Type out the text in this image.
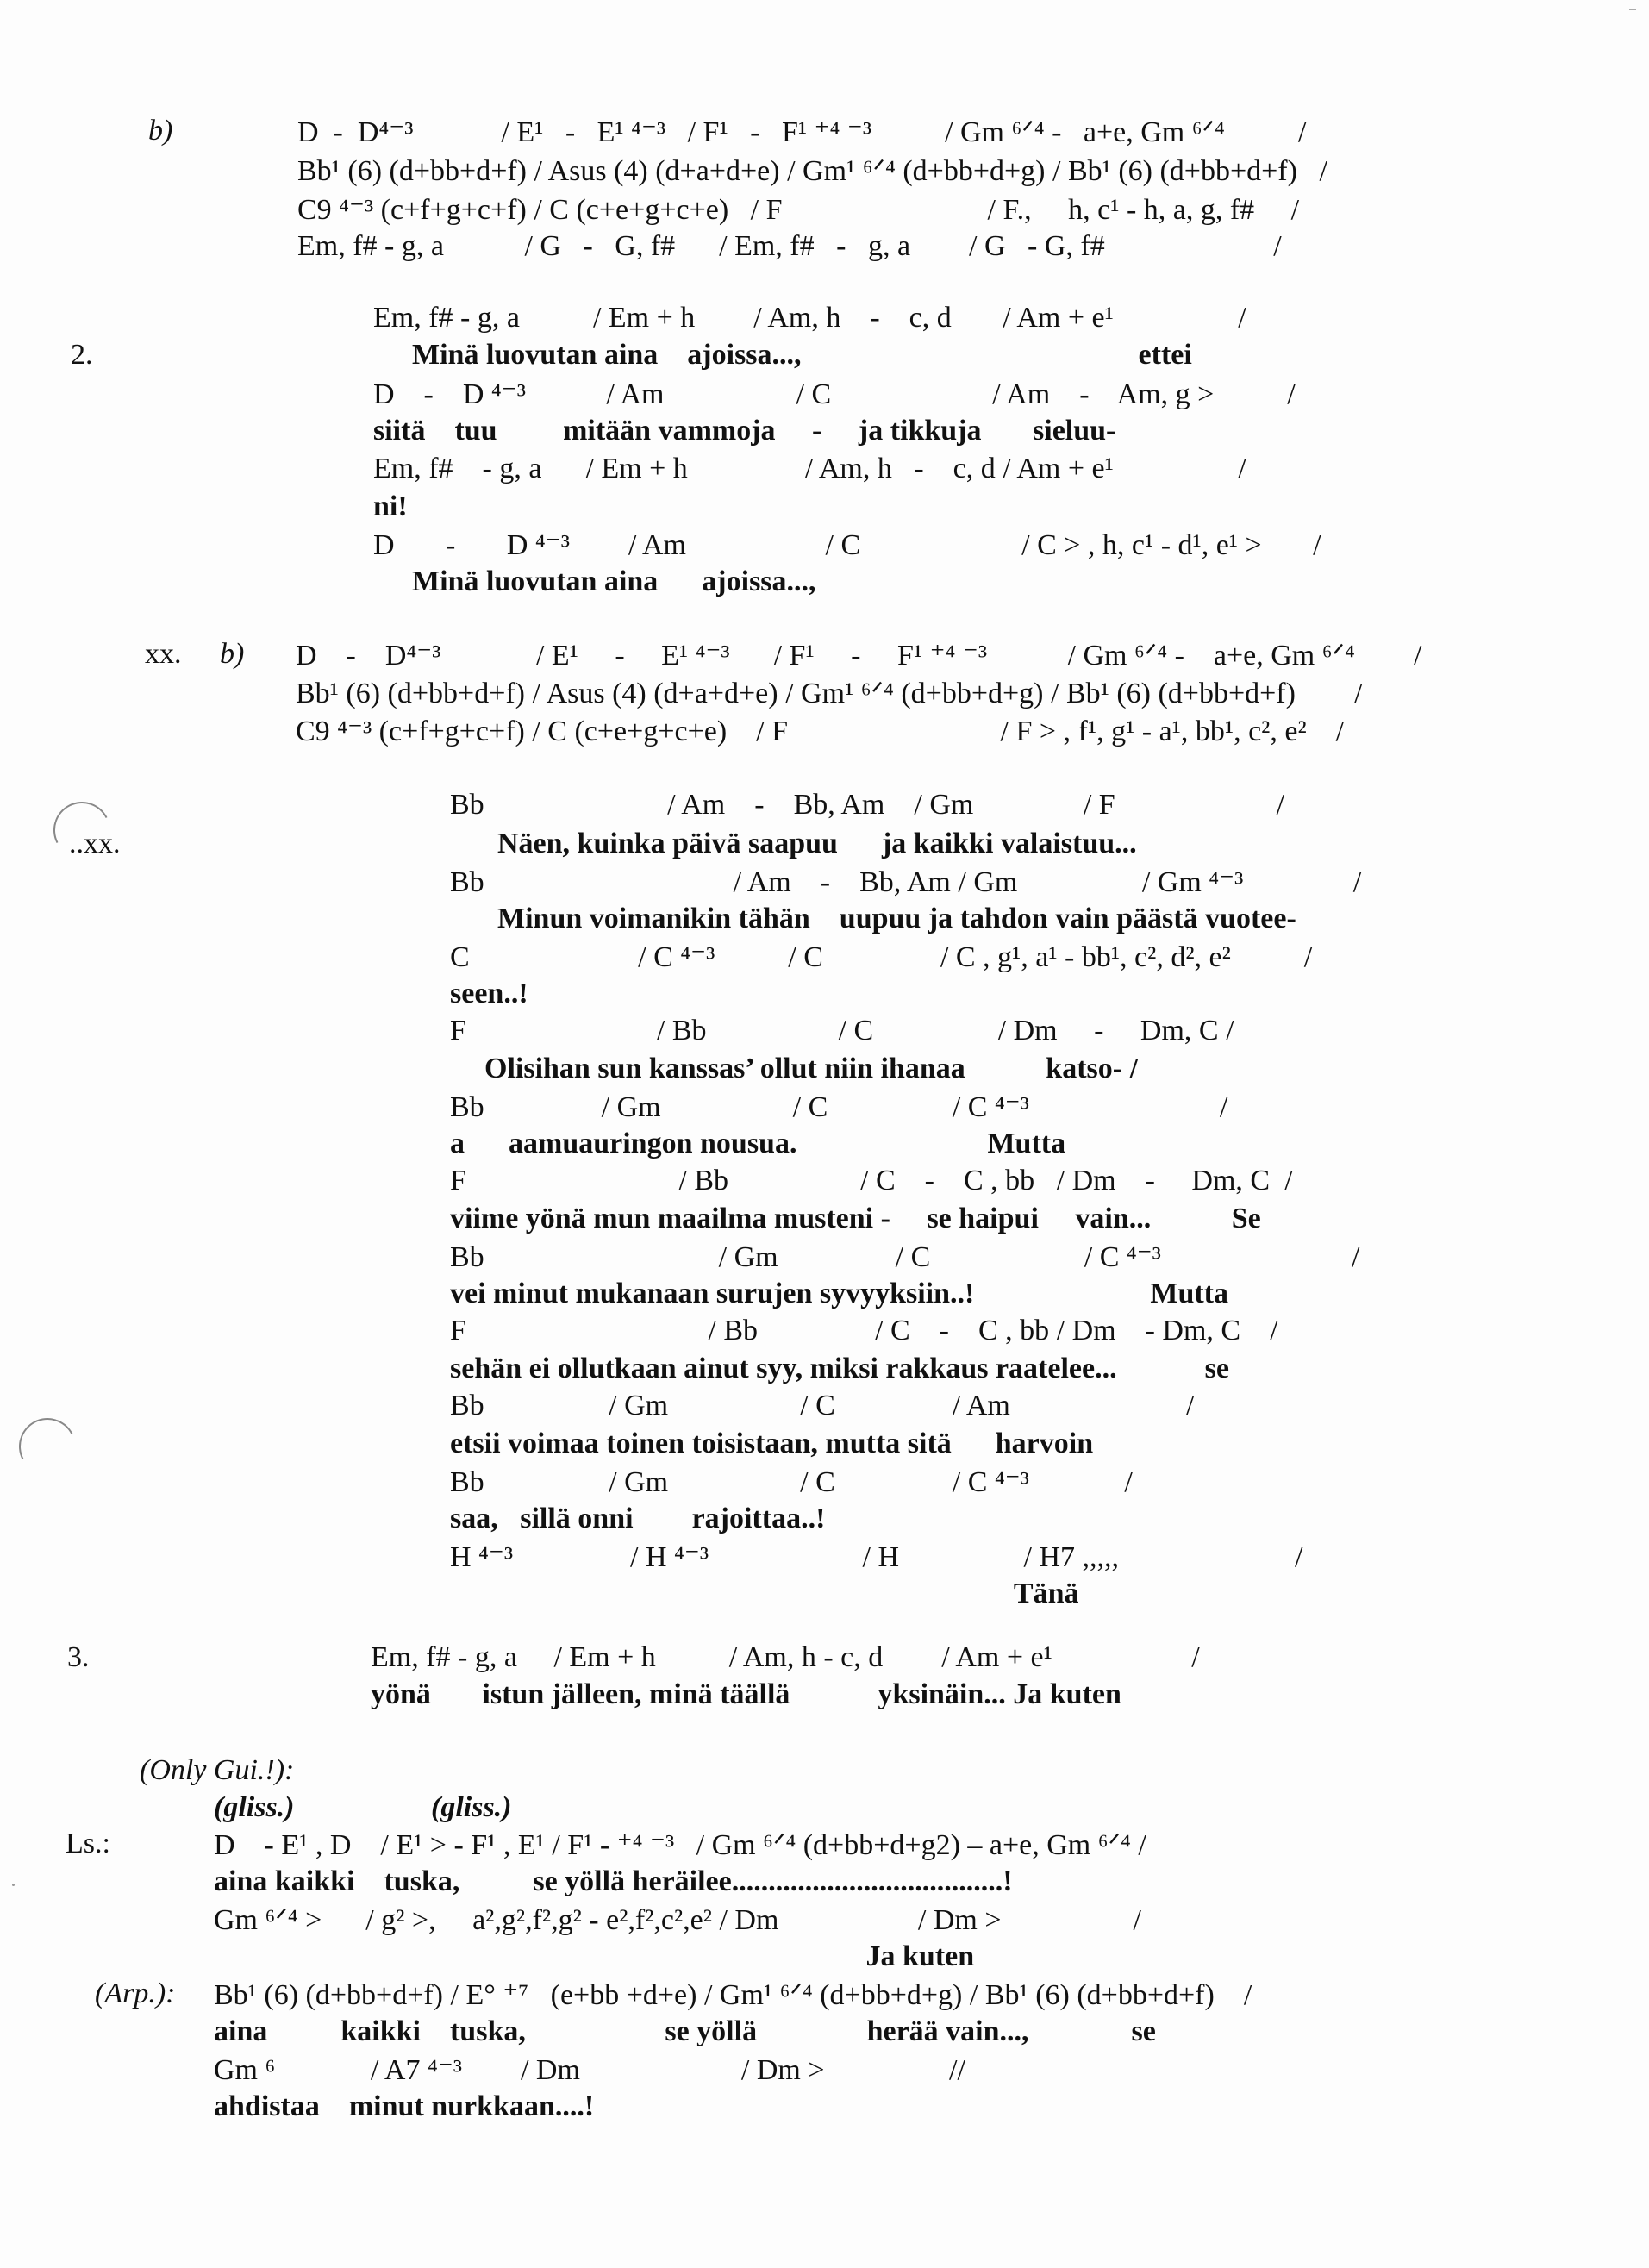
b)	D  -  D⁴⁻³            / E¹   -   E¹ ⁴⁻³   / F¹   -   F¹ ⁺⁴ ⁻³          / Gm ⁶ᐟ⁴ -   a+e, Gm ⁶ᐟ⁴          /
Bb¹ (6) (d+bb+d+f) / Asus (4) (d+a+d+e) / Gm¹ ⁶ᐟ⁴ (d+bb+d+g) / Bb¹ (6) (d+bb+d+f)   /
C9 ⁴⁻³ (c+f+g+c+f) / C (c+e+g+c+e)   / F                            / F.,     h, c¹ - h, a, g, f#     /
Em, f# - g, a           / G   -   G, f#      / Em, f#   -   g, a        / G   - G, f#                       /
2.
Em, f# - g, a          / Em + h        / Am, h    -    c, d       / Am + e¹                 /
Minä luovutan aina    ajoissa...,                                              ettei
D    -    D ⁴⁻³           / Am                  / C                      / Am    -    Am, g >          /
siitä    tuu         mitään vammoja     -     ja tikkuja       sieluu-
Em, f#    - g, a      / Em + h                / Am, h   -    c, d / Am + e¹                 /
ni!
D       -       D ⁴⁻³        / Am                   / C                      / C > , h, c¹ - d¹, e¹ >       /
Minä luovutan aina      ajoissa...,
xx. b) D    -    D⁴⁻³             / E¹     -     E¹ ⁴⁻³      / F¹     -     F¹ ⁺⁴ ⁻³           / Gm ⁶ᐟ⁴ -    a+e, Gm ⁶ᐟ⁴        /
Bb¹ (6) (d+bb+d+f) / Asus (4) (d+a+d+e) / Gm¹ ⁶ᐟ⁴ (d+bb+d+g) / Bb¹ (6) (d+bb+d+f)        /
C9 ⁴⁻³ (c+f+g+c+f) / C (c+e+g+c+e)    / F                             / F > , f¹, g¹ - a¹, bb¹, c², e²    /
..xx.
Bb                         / Am    -    Bb, Am    / Gm               / F                      /
Näen, kuinka päivä saapuu      ja kaikki valaistuu...
Bb                                  / Am    -    Bb, Am / Gm                 / Gm ⁴⁻³               /
Minun voimanikin tähän    uupuu ja tahdon vain päästä vuotee-
C                       / C ⁴⁻³          / C                / C , g¹, a¹ - bb¹, c², d², e²          /
seen..!
F                          / Bb                  / C                 / Dm     -     Dm, C /
Olisihan sun kanssas’ ollut niin ihanaa           katso- /
Bb                / Gm                  / C                 / C ⁴⁻³                          /
a      aamuauringon nousua.                          Mutta
F                             / Bb                  / C    -    C , bb   / Dm    -     Dm, C  /
viime yönä mun maailma musteni -     se haipui     vain...           Se
Bb                                / Gm                / C                     / C ⁴⁻³                          /
vei minut mukanaan surujen syvyyksiin..!                        Mutta
F                                 / Bb                / C    -    C , bb / Dm    - Dm, C    /
sehän ei ollutkaan ainut syy, miksi rakkaus raatelee...            se
Bb                 / Gm                  / C                / Am                        /
etsii voimaa toinen toisistaan, mutta sitä      harvoin
Bb                 / Gm                  / C                / C ⁴⁻³             /
saa,   sillä onni        rajoittaa..!
H ⁴⁻³                / H ⁴⁻³                     / H                 / H7 ,,,,,                        /
Tänä
3.	Em, f# - g, a     / Em + h          / Am, h - c, d        / Am + e¹                   /
yönä       istun jälleen, minä täällä            yksinäin... Ja kuten
(Only Gui.!):
(gliss.)	(gliss.)
Ls.:	D    - E¹ , D    / E¹ > - F¹ , E¹ / F¹ - ⁺⁴ ⁻³   / Gm ⁶ᐟ⁴ (d+bb+d+g2) – a+e, Gm ⁶ᐟ⁴ /
aina kaikki    tuska,          se yöllä heräilee.....................................!
Gm ⁶ᐟ⁴ >      / g² >,     a²,g²,f²,g² - e²,f²,c²,e² / Dm                   / Dm >                  /
Ja kuten
(Arp.): Bb¹ (6) (d+bb+d+f) / E° ⁺⁷   (e+bb +d+e) / Gm¹ ⁶ᐟ⁴ (d+bb+d+g) / Bb¹ (6) (d+bb+d+f)    /
aina          kaikki    tuska,                   se yöllä               herää vain...,              se
Gm ⁶             / A7 ⁴⁻³        / Dm                      / Dm >                 //
ahdistaa    minut nurkkaan....!
